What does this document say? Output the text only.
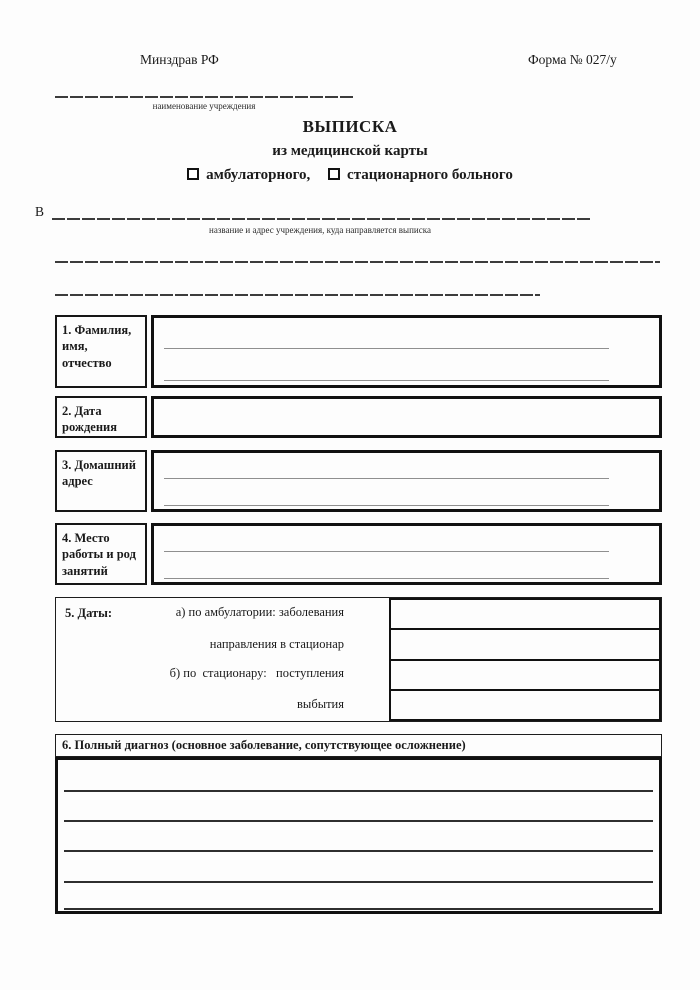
Минздрав РФ	Форма № 027/у
наименование учреждения
ВЫПИСКА
из медицинской карты
амбулаторного, стационарного больного
В
название и адрес учреждения, куда направляется выписка
1. Фамилия, имя, отчество
2. Дата рождения
3. Домашний адрес
4. Место работы и род занятий
5. Даты:	а) по амбулатории: заболевания
направления в стационар
б) по  стационару:   поступления
выбытия
6. Полный диагноз (основное заболевание, сопутствующее осложнение)
